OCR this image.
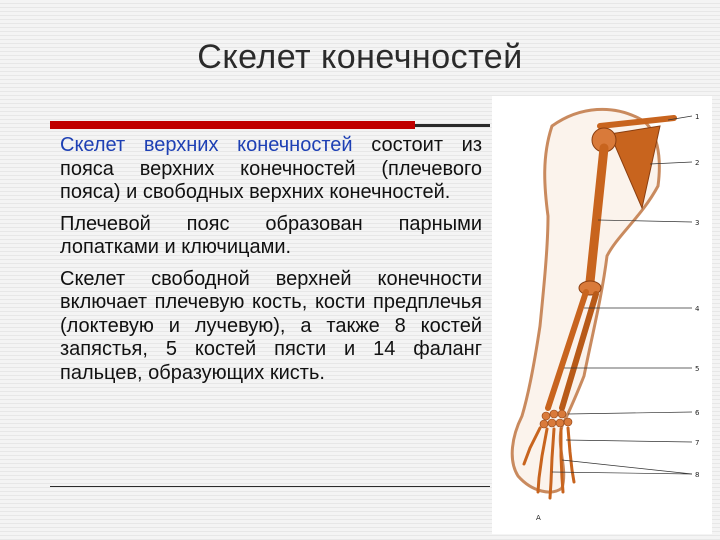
Скелет конечностей

Скелет верхних конечностей состоит из пояса верхних конечностей (плечевого пояса) и свободных верхних конечностей.

Плечевой пояс образован парными лопатками и ключицами.

Скелет свободной верхней конечности включает плечевую кость, кости предплечья (локтевую и лучевую), а также 8 костей запястья, 5 костей пясти и 14 фаланг пальцев, образующих кисть.

1
2
3
4
5
6
7
8
А
